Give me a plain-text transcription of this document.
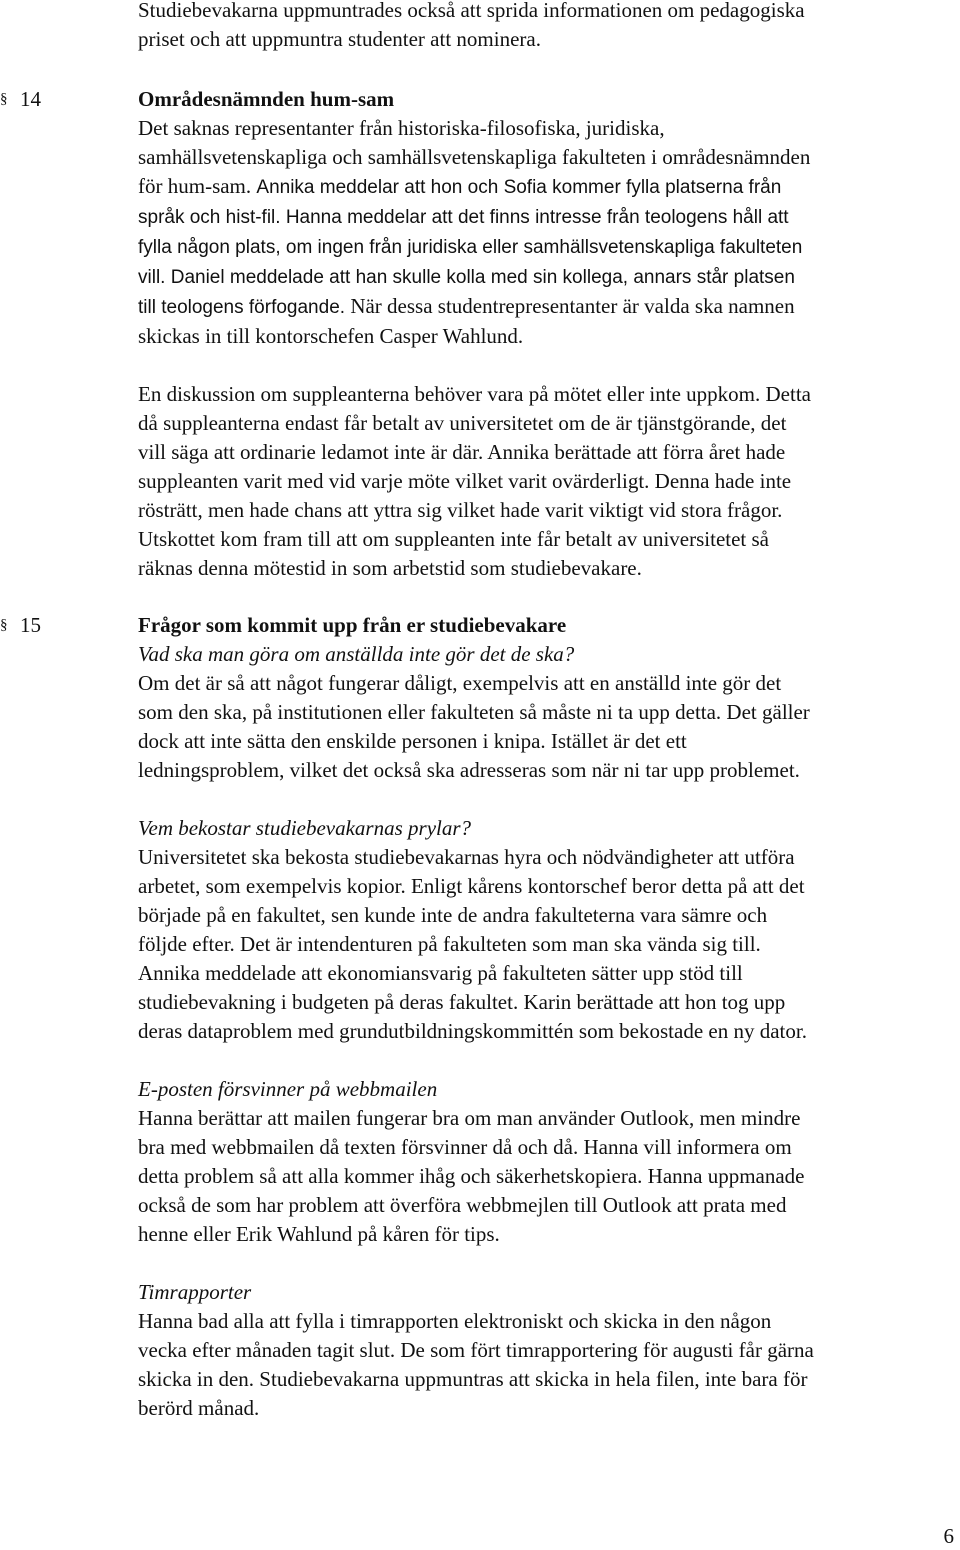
Studiebevakarna uppmuntrades också att sprida informationen om pedagogiska
priset och att uppmuntra studenter att nominera.

§
14	Områdesnämnden hum-sam

Det saknas representanter från historiska-filosofiska, juridiska,
samhällsvetenskapliga och samhällsvetenskapliga fakulteten i områdesnämnden
för hum-sam. Annika meddelar att hon och Sofia kommer fylla platserna från
språk och hist-fil. Hanna meddelar att det finns intresse från teologens håll att
fylla någon plats, om ingen från juridiska eller samhällsvetenskapliga fakulteten
vill. Daniel meddelade att han skulle kolla med sin kollega, annars står platsen
till teologens förfogande. När dessa studentrepresentanter är valda ska namnen
skickas in till kontorschefen Casper Wahlund.

En diskussion om suppleanterna behöver vara på mötet eller inte uppkom. Detta
då suppleanterna endast får betalt av universitetet om de är tjänstgörande, det
vill säga att ordinarie ledamot inte är där. Annika berättade att förra året hade
suppleanten varit med vid varje möte vilket varit ovärderligt. Denna hade inte
rösträtt, men hade chans att yttra sig vilket hade varit viktigt vid stora frågor.
Utskottet kom fram till att om suppleanten inte får betalt av universitetet så
räknas denna mötestid in som arbetstid som studiebevakare.

§
15	Frågor som kommit upp från er studiebevakare

Vad ska man göra om anställda inte gör det de ska?

Om det är så att något fungerar dåligt, exempelvis att en anställd inte gör det
som den ska, på institutionen eller fakulteten så måste ni ta upp detta. Det gäller
dock att inte sätta den enskilde personen i knipa. Istället är det ett
ledningsproblem, vilket det också ska adresseras som när ni tar upp problemet.

Vem bekostar studiebevakarnas prylar?

Universitetet ska bekosta studiebevakarnas hyra och nödvändigheter att utföra
arbetet, som exempelvis kopior. Enligt kårens kontorschef beror detta på att det
började på en fakultet, sen kunde inte de andra fakulteterna vara sämre och
följde efter. Det är intendenturen på fakulteten som man ska vända sig till.
Annika meddelade att ekonomiansvarig på fakulteten sätter upp stöd till
studiebevakning i budgeten på deras fakultet. Karin berättade att hon tog upp
deras dataproblem med grundutbildningskommittén som bekostade en ny dator.

E-posten försvinner på webbmailen

Hanna berättar att mailen fungerar bra om man använder Outlook, men mindre
bra med webbmailen då texten försvinner då och då. Hanna vill informera om
detta problem så att alla kommer ihåg och säkerhetskopiera. Hanna uppmanade
också de som har problem att överföra webbmejlen till Outlook att prata med
henne eller Erik Wahlund på kåren för tips.

Timrapporter

Hanna bad alla att fylla i timrapporten elektroniskt och skicka in den någon
vecka efter månaden tagit slut. De som fört timrapportering för augusti får gärna
skicka in den. Studiebevakarna uppmuntras att skicka in hela filen, inte bara för
berörd månad.

6
